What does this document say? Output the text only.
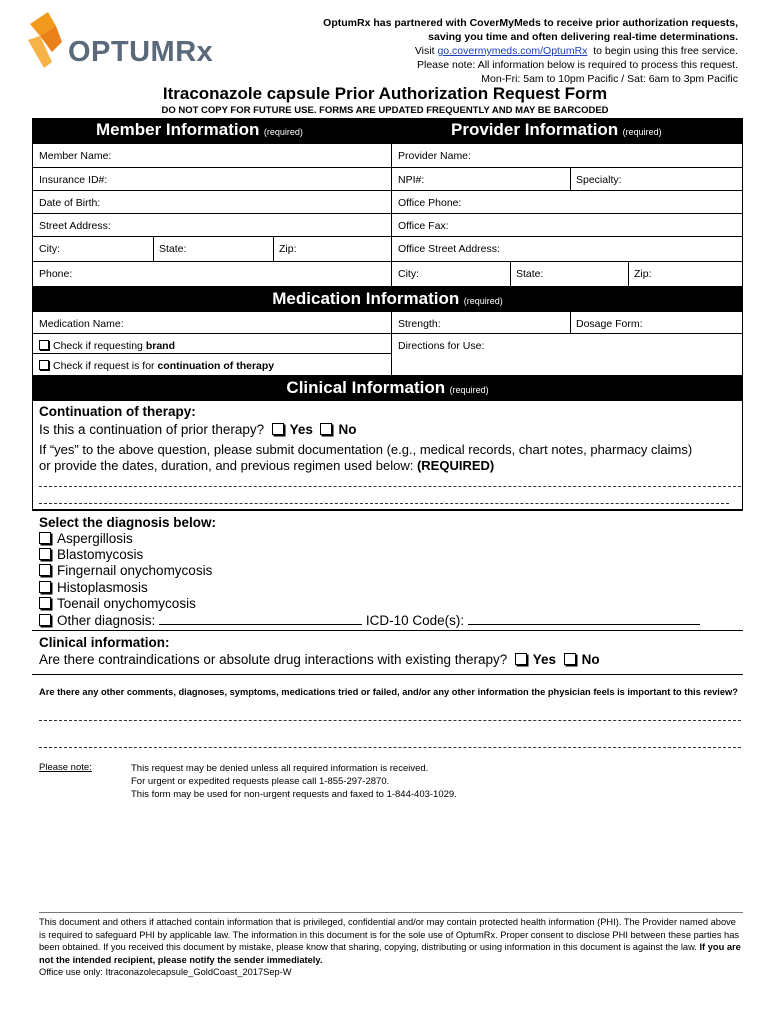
OPTUMRx
OptumRx has partnered with CoverMyMeds to receive prior authorization requests,
saving you time and often delivering real-time determinations.
Visit go.covermymeds.com/OptumRx to begin using this free service.
Please note: All information below is required to process this request.
Mon-Fri: 5am to 10pm Pacific / Sat: 6am to 3pm Pacific
Itraconazole capsule Prior Authorization Request Form
DO NOT COPY FOR FUTURE USE. FORMS ARE UPDATED FREQUENTLY AND MAY BE BARCODED
Member Information (required)	Provider Information (required)
Member Name:
Insurance ID#:
Date of Birth:
Street Address:
City:	State:	Zip:
Phone:
Provider Name:
NPI#:	Specialty:
Office Phone:
Office Fax:
Office Street Address:
City:	State:	Zip:
Medication Information (required)
Medication Name:	Strength:	Dosage Form:
Check if requesting brand	Directions for Use:
Check if request is for continuation of therapy
Clinical Information (required)
Continuation of therapy:
Is this a continuation of prior therapy? Yes No
If “yes” to the above question, please submit documentation (e.g., medical records, chart notes, pharmacy claims)
or provide the dates, duration, and previous regimen used below: (REQUIRED)
Select the diagnosis below:
Aspergillosis
Blastomycosis
Fingernail onychomycosis
Histoplasmosis
Toenail onychomycosis
Other diagnosis:	ICD-10 Code(s):
Clinical information:
Are there contraindications or absolute drug interactions with existing therapy? Yes No
Are there any other comments, diagnoses, symptoms, medications tried or failed, and/or any other information the physician feels is important to this review?
Please note:	This request may be denied unless all required information is received.
For urgent or expedited requests please call 1-855-297-2870.
This form may be used for non-urgent requests and faxed to 1-844-403-1029.
This document and others if attached contain information that is privileged, confidential and/or may contain protected health information (PHI). The Provider named above is required to safeguard PHI by applicable law. The information in this document is for the sole use of OptumRx. Proper consent to disclose PHI between these parties has been obtained. If you received this document by mistake, please know that sharing, copying, distributing or using information in this document is against the law. If you are not the intended recipient, please notify the sender immediately.
Office use only: Itraconazolecapsule_GoldCoast_2017Sep-W
